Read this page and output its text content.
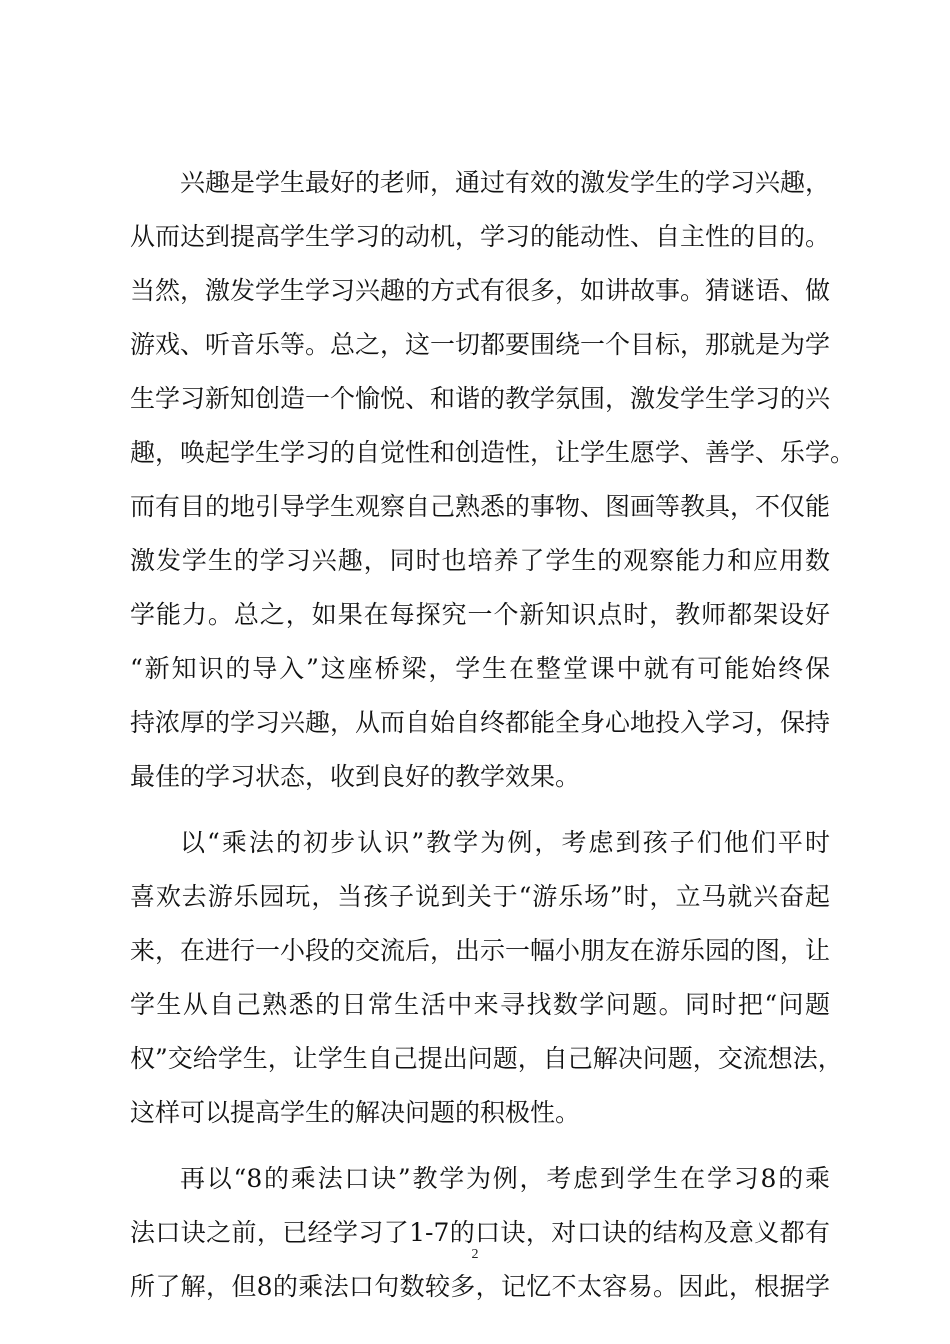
兴趣是学生最好的老师，通过有效的激发学生的学习兴趣，
从而达到提高学生学习的动机，学习的能动性、自主性的目的。
当然，激发学生学习兴趣的方式有很多，如讲故事。猜谜语、做
游戏、听音乐等。总之，这一切都要围绕一个目标，那就是为学
生学习新知创造一个愉悦、和谐的教学氛围，激发学生学习的兴
趣，唤起学生学习的自觉性和创造性，让学生愿学、善学、乐学。
而有目的地引导学生观察自己熟悉的事物、图画等教具，不仅能
激发学生的学习兴趣，同时也培养了学生的观察能力和应用数
学能力。总之，如果在每探究一个新知识点时，教师都架设好
“新知识的导入”这座桥梁，学生在整堂课中就有可能始终保
持浓厚的学习兴趣，从而自始自终都能全身心地投入学习，保持
最佳的学习状态，收到良好的教学效果。
以“乘法的初步认识”教学为例，考虑到孩子们他们平时
喜欢去游乐园玩，当孩子说到关于“游乐场”时，立马就兴奋起
来，在进行一小段的交流后，出示一幅小朋友在游乐园的图，让
学生从自己熟悉的日常生活中来寻找数学问题。同时把“问题
权”交给学生，让学生自己提出问题，自己解决问题，交流想法，
这样可以提高学生的解决问题的积极性。
再以“8的乘法口诀”教学为例，考虑到学生在学习8的乘
法口诀之前，已经学习了1-7的口诀，对口诀的结构及意义都有
所了解，但8的乘法口句数较多，记忆不太容易。因此，根据学
2
